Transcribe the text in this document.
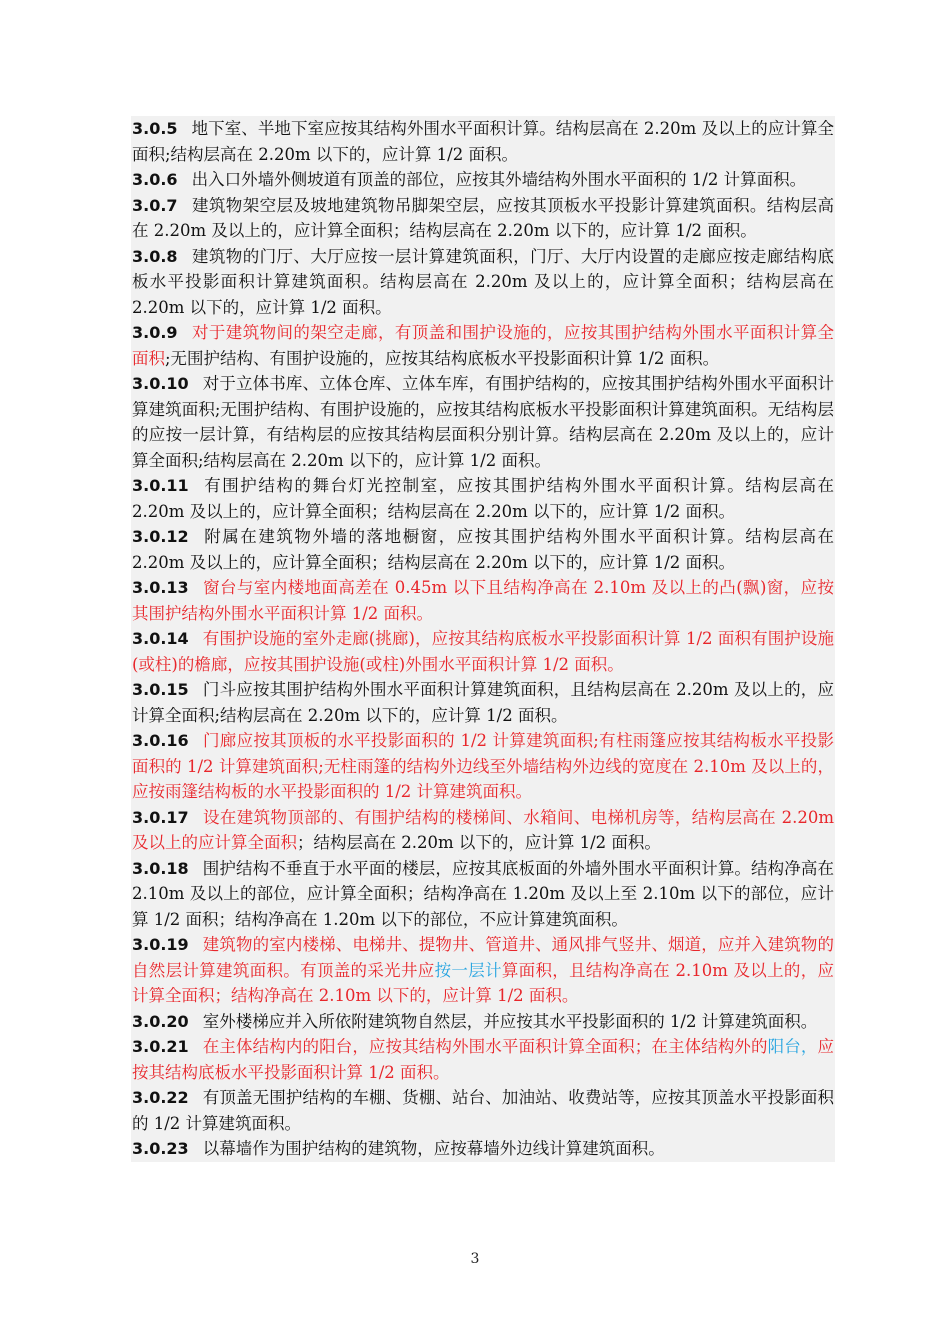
3.0.5 地下室、半地下室应按其结构外围水平面积计算。结构层高在 2.20m 及以上的应计算全面积;结构层高在 2.20m 以下的，应计算 1/2 面积。

3.0.6 出入口外墙外侧坡道有顶盖的部位，应按其外墙结构外围水平面积的 1/2 计算面积。

3.0.7 建筑物架空层及坡地建筑物吊脚架空层，应按其顶板水平投影计算建筑面积。结构层高在 2.20m 及以上的，应计算全面积；结构层高在 2.20m 以下的，应计算 1/2 面积。

3.0.8 建筑物的门厅、大厅应按一层计算建筑面积，门厅、大厅内设置的走廊应按走廊结构底板水平投影面积计算建筑面积。结构层高在 2.20m 及以上的，应计算全面积；结构层高在 2.20m 以下的，应计算 1/2 面积。

3.0.9 对于建筑物间的架空走廊，有顶盖和围护设施的，应按其围护结构外围水平面积计算全面积;无围护结构、有围护设施的，应按其结构底板水平投影面积计算 1/2 面积。

3.0.10 对于立体书库、立体仓库、立体车库，有围护结构的，应按其围护结构外围水平面积计算建筑面积;无围护结构、有围护设施的，应按其结构底板水平投影面积计算建筑面积。无结构层的应按一层计算，有结构层的应按其结构层面积分别计算。结构层高在 2.20m 及以上的，应计算全面积;结构层高在 2.20m 以下的，应计算 1/2 面积。

3.0.11 有围护结构的舞台灯光控制室，应按其围护结构外围水平面积计算。结构层高在 2.20m 及以上的，应计算全面积；结构层高在 2.20m 以下的，应计算 1/2 面积。

3.0.12 附属在建筑物外墙的落地橱窗，应按其围护结构外围水平面积计算。结构层高在 2.20m 及以上的，应计算全面积；结构层高在 2.20m 以下的，应计算 1/2 面积。

3.0.13 窗台与室内楼地面高差在 0.45m 以下且结构净高在 2.10m 及以上的凸(飘)窗，应按其围护结构外围水平面积计算 1/2 面积。

3.0.14 有围护设施的室外走廊(挑廊)，应按其结构底板水平投影面积计算 1/2 面积有围护设施(或柱)的檐廊，应按其围护设施(或柱)外围水平面积计算 1/2 面积。

3.0.15 门斗应按其围护结构外围水平面积计算建筑面积，且结构层高在 2.20m 及以上的，应计算全面积;结构层高在 2.20m 以下的，应计算 1/2 面积。

3.0.16 门廊应按其顶板的水平投影面积的 1/2 计算建筑面积;有柱雨篷应按其结构板水平投影面积的 1/2 计算建筑面积;无柱雨篷的结构外边线至外墙结构外边线的宽度在 2.10m 及以上的，应按雨篷结构板的水平投影面积的 1/2 计算建筑面积。

3.0.17 设在建筑物顶部的、有围护结构的楼梯间、水箱间、电梯机房等，结构层高在 2.20m 及以上的应计算全面积；结构层高在 2.20m 以下的，应计算 1/2 面积。

3.0.18 围护结构不垂直于水平面的楼层，应按其底板面的外墙外围水平面积计算。结构净高在 2.10m 及以上的部位，应计算全面积；结构净高在 1.20m 及以上至 2.10m 以下的部位，应计算 1/2 面积；结构净高在 1.20m 以下的部位，不应计算建筑面积。

3.0.19 建筑物的室内楼梯、电梯井、提物井、管道井、通风排气竖井、烟道，应并入建筑物的自然层计算建筑面积。有顶盖的采光井应按一层计算面积，且结构净高在 2.10m 及以上的，应计算全面积；结构净高在 2.10m 以下的，应计算 1/2 面积。

3.0.20 室外楼梯应并入所依附建筑物自然层，并应按其水平投影面积的 1/2 计算建筑面积。

3.0.21 在主体结构内的阳台，应按其结构外围水平面积计算全面积；在主体结构外的阳台，应按其结构底板水平投影面积计算 1/2 面积。

3.0.22 有顶盖无围护结构的车棚、货棚、站台、加油站、收费站等，应按其顶盖水平投影面积的 1/2 计算建筑面积。

3.0.23 以幕墙作为围护结构的建筑物，应按幕墙外边线计算建筑面积。

3
